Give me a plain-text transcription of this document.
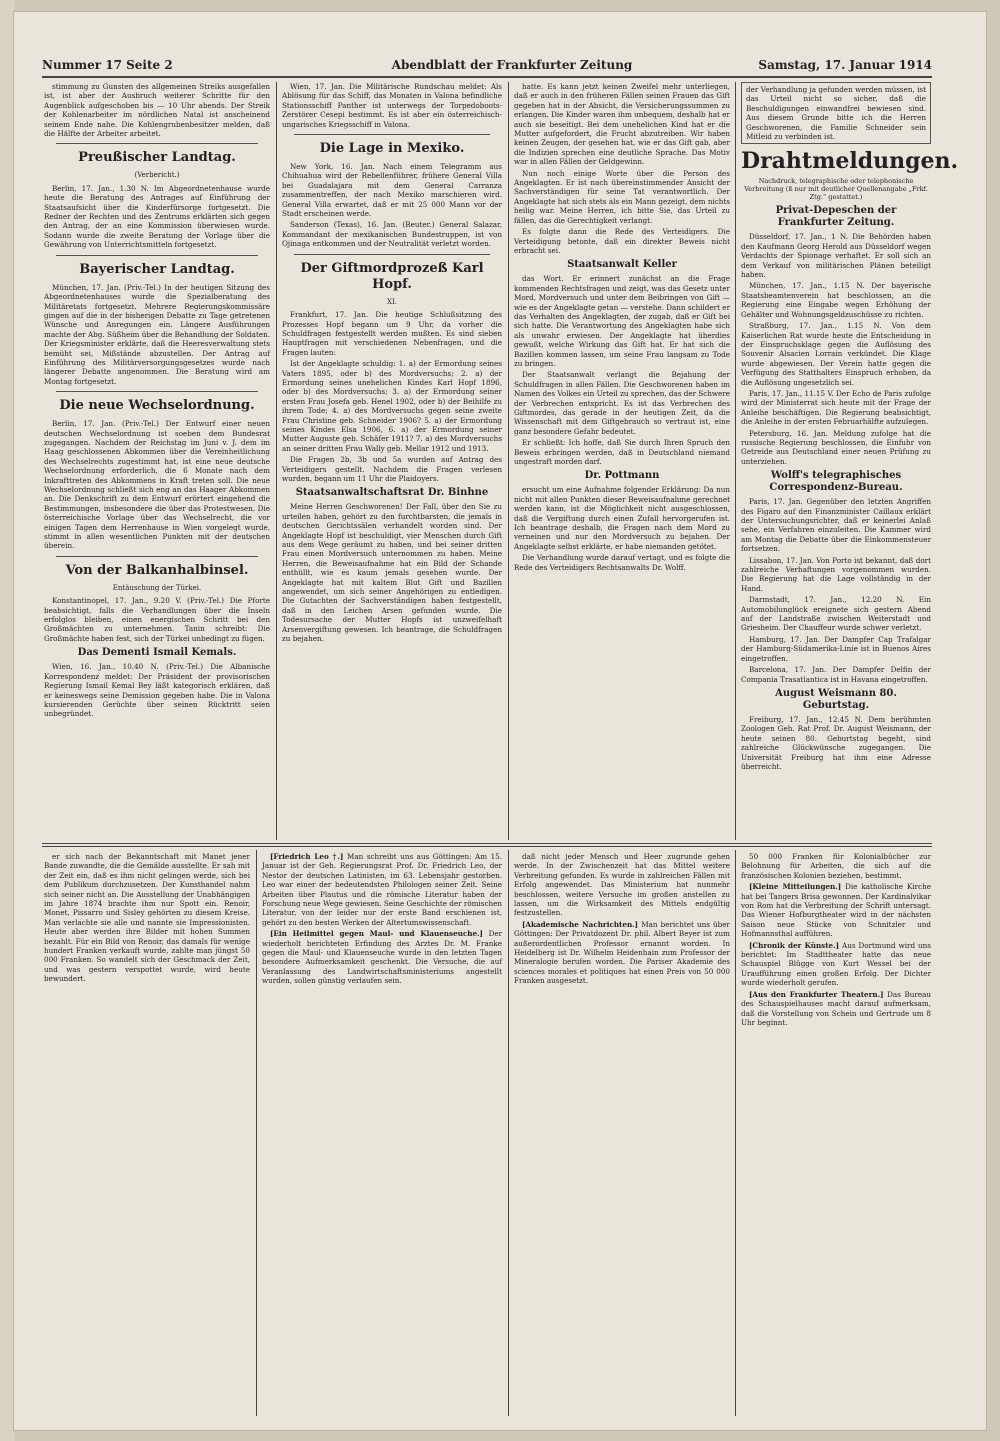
Nummer 17 Seite 2	Abendblatt der Frankfurter Zeitung	Samstag, 17. Januar 1914

stimmung zu Gunsten des allgemeinen Streiks ausgefallen ist, ist aber der Ausbruch weiterer Schritte für den Augenblick aufgeschoben bis — 10 Uhr abends. Der Streik der Kohlenarbeiter im nördlichen Natal ist anscheinend seinem Ende nahe. Die Kohlengrubenbesitzer melden, daß die Hälfte der Arbeiter arbeitet.

Preußischer Landtag.
(Verbericht.)

Berlin, 17. Jan., 1.30 N. Im Abgeordnetenhause wurde heute die Beratung des Antrages auf Einführung der Staatsaufsicht über die Kinderfürsorge fortgesetzt. Die Redner der Rechten und des Zentrums erklärten sich gegen den Antrag, der an eine Kommission überwiesen wurde. Sodann wurde die zweite Beratung der Vorlage über die Gewährung von Unterrichtsmitteln fortgesetzt.

Bayerischer Landtag.

München, 17. Jan. (Priv.-Tel.) In der heutigen Sitzung des Abgeordnetenhauses wurde die Spezialberatung des Militäretats fortgesetzt. Mehrere Regierungskommissäre gingen auf die in der bisherigen Debatte zu Tage getretenen Wünsche und Anregungen ein. Längere Ausführungen machte der Abg. Süßheim über die Behandlung der Soldaten. Der Kriegsminister erklärte, daß die Heeresverwaltung stets bemüht sei, Mißstände abzustellen. Der Antrag auf Einführung des Militärversorgungsgesetzes wurde nach längerer Debatte angenommen. Die Beratung wird am Montag fortgesetzt.

Die neue Wechselordnung.

Berlin, 17. Jan. (Priv.-Tel.) Der Entwurf einer neuen deutschen Wechselordnung ist soeben dem Bundesrat zugegangen. Nachdem der Reichstag im Juni v. J. dem im Haag geschlossenen Abkommen über die Vereinheitlichung des Wechselrechts zugestimmt hat, ist eine neue deutsche Wechselordnung erforderlich, die 6 Monate nach dem Inkrafttreten des Abkommens in Kraft treten soll. Die neue Wechselordnung schließt sich eng an das Haager Abkommen an. Die Denkschrift zu dem Entwurf erörtert eingehend die Bestimmungen, insbesondere die über das Protestwesen. Die österreichische Vorlage über das Wechselrecht, die vor einigen Tagen dem Herrenhause in Wien vorgelegt wurde, stimmt in allen wesentlichen Punkten mit der deutschen überein.

Von der Balkanhalbinsel.
Entäuschung der Türkei.

Konstantinopel, 17. Jan., 9.20 V. (Priv.-Tel.) Die Pforte beabsichtigt, falls die Verhandlungen über die Inseln erfolglos bleiben, einen energischen Schritt bei den Großmächten zu unternehmen. Tanin schreibt: Die Großmächte haben fest, sich der Türkei unbedingt zu fügen.

Das Dementi Ismail Kemals.

Wien, 16. Jan., 10.40 N. (Priv.-Tel.) Die Albanische Korrespondenz meldet: Der Präsident der provisorischen Regierung Ismail Kemal Bey läßt kategorisch erklären, daß er keineswegs seine Demission gegeben habe. Die in Valona kursierenden Gerüchte über seinen Rücktritt seien unbegründet.

Wien, 17. Jan. Die Militärische Rundschau meldet: Als Ablösung für das Schiff, das Monaten in Valona befindliche Stationsschiff Panther ist unterwegs der Torpedoboots-Zerstörer Cesepi bestimmt. Es ist aber ein österreichisch-ungarisches Kriegsschiff in Valona.

Die Lage in Mexiko.

New York, 16. Jan. Nach einem Telegramm aus Chihuahua wird der Rebellenführer, frühere General Villa bei Guadalajara mit dem General Carranza zusammentreffen, der nach Mexiko marschieren wird. General Villa erwartet, daß er mit 25 000 Mann vor der Stadt erscheinen werde.

Sanderson (Texas), 16. Jan. (Reuter.) General Salazar, Kommandant der mexikanischen Bundestruppen, ist von Ojinaga entkommen und der Neutralität verletzt worden.

Der Giftmordprozeß Karl Hopf.
XI.

Frankfurt, 17. Jan. Die heutige Schlußsitzung des Prozesses Hopf begann um 9 Uhr, da vorher die Schuldfragen festgestellt werden mußten. Es sind sieben Hauptfragen mit verschiedenen Nebenfragen, und die Fragen lauten:

Ist der Angeklagte schuldig: 1. a) der Ermordung seines Vaters 1895, oder b) des Mordversuchs; 2. a) der Ermordung seines unehelichen Kindes Karl Hopf 1896, oder b) des Mordversuchs; 3. a) der Ermordung seiner ersten Frau Josefa geb. Henel 1902, oder b) der Beihilfe zu ihrem Tode; 4. a) des Mordversuchs gegen seine zweite Frau Christine geb. Schneider 1906? 5. a) der Ermordung seines Kindes Elsa 1906, 6. a) der Ermordung seiner Mutter Auguste geb. Schäfer 1911? 7. a) des Mordversuchs an seiner dritten Frau Wally geb. Mellar 1912 und 1913.

Die Fragen 2b, 3b und 5a wurden auf Antrag des Verteidigers gestellt. Nachdem die Fragen verlesen wurden, begann um 11 Uhr die Plaidoyers.

Staatsanwaltschaftsrat Dr. Binhne

Meine Herren Geschworenen! Der Fall, über den Sie zu urteilen haben, gehört zu den furchtbarsten, die jemals in deutschen Gerichtssälen verhandelt worden sind. Der Angeklagte Hopf ist beschuldigt, vier Menschen durch Gift aus dem Wege geräumt zu haben, und bei seiner dritten Frau einen Mordversuch unternommen zu haben. Meine Herren, die Beweisaufnahme hat ein Bild der Schande enthüllt, wie es kaum jemals gesehen wurde. Der Angeklagte hat mit kaltem Blut Gift und Bazillen angewendet, um sich seiner Angehörigen zu entledigen. Die Gutachten der Sachverständigen haben festgestellt, daß in den Leichen Arsen gefunden wurde. Die Todesursache der Mutter Hopfs ist unzweifelhaft Arsenvergiftung gewesen. Ich beantrage, die Schuldfragen zu bejahen.

hatte. Es kann jetzt keinen Zweifel mehr unterliegen, daß er auch in den früheren Fällen seinen Frauen das Gift gegeben hat in der Absicht, die Versicherungssummen zu erlangen. Die Kinder waren ihm unbequem, deshalb hat er auch sie beseitigt. Bei dem unehelichen Kind hat er die Mutter aufgefordert, die Frucht abzutreiben. Wir haben keinen Zeugen, der gesehen hat, wie er das Gift gab, aber die Indizien sprechen eine deutliche Sprache. Das Motiv war in allen Fällen der Geldgewinn.

Nun noch einige Worte über die Person des Angeklagten. Er ist nach übereinstimmender Ansicht der Sachverständigen für seine Tat verantwortlich. Der Angeklagte hat sich stets als ein Mann gezeigt, dem nichts heilig war. Meine Herren, ich bitte Sie, das Urteil zu fällen, das die Gerechtigkeit verlangt.

Es folgte dann die Rede des Verteidigers. Die Verteidigung betonte, daß ein direkter Beweis nicht erbracht sei.

Staatsanwalt Keller

das Wort. Er erinnert zunächst an die Frage kommenden Rechtsfragen und zeigt, was das Gesetz unter Mord, Mordversuch und unter dem Beibringen von Gift — wie es der Angeklagte getan — verstehe. Dann schildert er das Verhalten des Angeklagten, der zugab, daß er Gift bei sich hatte. Die Verantwortung des Angeklagten habe sich als unwahr erwiesen. Der Angeklagte hat überdies gewußt, welche Wirkung das Gift hat. Er hat sich die Bazillen kommen lassen, um seine Frau langsam zu Tode zu bringen.

Der Staatsanwalt verlangt die Bejahung der Schuldfragen in allen Fällen. Die Geschworenen haben im Namen des Volkes ein Urteil zu sprechen, das der Schwere der Verbrechen entspricht. Es ist das Verbrechen des Giftmordes, das gerade in der heutigen Zeit, da die Wissenschaft mit dem Giftgebrauch so vertraut ist, eine ganz besondere Gefahr bedeutet.

Er schließt: Ich hoffe, daß Sie durch Ihren Spruch den Beweis erbringen werden, daß in Deutschland niemand ungestraft morden darf.

Dr. Pottmann

ersucht um eine Aufnahme folgender Erklärung: Da nun nicht mit allen Punkten dieser Beweisaufnahme gerechnet werden kann, ist die Möglichkeit nicht ausgeschlossen, daß die Vergiftung durch einen Zufall hervorgerufen ist. Ich beantrage deshalb, die Fragen nach dem Mord zu verneinen und nur den Mordversuch zu bejahen. Der Angeklagte selbst erklärte, er habe niemanden getötet.

Die Verhandlung wurde darauf vertagt, und es folgte die Rede des Verteidigers Rechtsanwalts Dr. Wolff.

der Verhandlung ja gefunden werden müssen, ist das Urteil nicht so sicher, daß die Beschuldigungen einwandfrei bewiesen sind. Aus diesem Grunde bitte ich die Herren Geschworenen, die Familie Schneider sein Mitleid zu verbinden ist.
Drahtmeldungen.
Nachdruck, telegraphische oder telephonische Verbreitung (ß nur mit deutlicher Quellenangabe „Frkf. Ztg.“ gestattet.)
Privat-Depeschen der Frankfurter Zeitung.

Düsseldorf, 17. Jan., 1 N. Die Behörden haben den Kaufmann Georg Herold aus Düsseldorf wegen Verdachts der Spionage verhaftet. Er soll sich an dem Verkauf von militärischen Plänen beteiligt haben.

München, 17. Jan., 1.15 N. Der bayerische Staatsbeamtenverein hat beschlossen, an die Regierung eine Eingabe wegen Erhöhung der Gehälter und Wohnungsgeldzuschüsse zu richten.

Straßburg, 17. Jan., 1.15 N. Von dem Kaiserlichen Rat wurde heute die Entscheidung in der Einspruchsklage gegen die Auflösung des Souvenir Alsacien Lorrain verkündet. Die Klage wurde abgewiesen. Der Verein hatte gegen die Verfügung des Statthalters Einspruch erhoben, da die Auflösung ungesetzlich sei.

Paris, 17. Jan., 11.15 V. Der Echo de Paris zufolge wird der Ministerrat sich heute mit der Frage der Anleihe beschäftigen. Die Regierung beabsichtigt, die Anleihe in der ersten Februarhälfte aufzulegen.

Petersburg, 16. Jan. Meldung zufolge hat die russische Regierung beschlossen, die Einfuhr von Getreide aus Deutschland einer neuen Prüfung zu unterziehen.

Wolff's telegraphisches Correspondenz-Bureau.

Paris, 17. Jan. Gegenüber den letzten Angriffen des Figaro auf den Finanzminister Caillaux erklärt der Untersuchungsrichter, daß er keinerlei Anlaß sehe, ein Verfahren einzuleiten. Die Kammer wird am Montag die Debatte über die Einkommensteuer fortsetzen.

Lissabon, 17. Jan. Von Porto ist bekannt, daß dort zahlreiche Verhaftungen vorgenommen wurden. Die Regierung hat die Lage vollständig in der Hand.

Darmstadt, 17. Jan., 12.20 N. Ein Automobilunglück ereignete sich gestern Abend auf der Landstraße zwischen Weiterstadt und Griesheim. Der Chauffeur wurde schwer verletzt.

Hamburg, 17. Jan. Der Dampfer Cap Trafalgar der Hamburg-Südamerika-Linie ist in Buenos Aires eingetroffen.

Barcelona, 17. Jan. Der Dampfer Delfin der Compania Trasatlantica ist in Havana eingetroffen.

August Weismann 80. Geburtstag.

Freiburg, 17. Jan., 12.45 N. Dem berühmten Zoologen Geh. Rat Prof. Dr. August Weismann, der heute seinen 80. Geburtstag begeht, sind zahlreiche Glückwünsche zugegangen. Die Universität Freiburg hat ihm eine Adresse überreicht.

er sich nach der Bekanntschaft mit Manet jener Bande zuwandte, die die Gemälde ausstellte. Er sah mit der Zeit ein, daß es ihm nicht gelingen werde, sich bei dem Publikum durchzusetzen. Der Kunsthandel nahm sich seiner nicht an. Die Ausstellung der Unabhängigen im Jahre 1874 brachte ihm nur Spott ein. Renoir, Monet, Pissarro und Sisley gehörten zu diesem Kreise. Man verlachte sie alle und nannte sie Impressionisten. Heute aber werden ihre Bilder mit hohen Summen bezahlt. Für ein Bild von Renoir, das damals für wenige hundert Franken verkauft wurde, zahlte man jüngst 50 000 Franken. So wandelt sich der Geschmack der Zeit, und was gestern verspottet wurde, wird heute bewundert.

[Friedrich Leo †.] Man schreibt uns aus Göttingen: Am 15. Januar ist der Geh. Regierungsrat Prof. Dr. Friedrich Leo, der Nestor der deutschen Latinisten, im 63. Lebensjahr gestorben. Leo war einer der bedeutendsten Philologen seiner Zeit. Seine Arbeiten über Plautus und die römische Literatur haben der Forschung neue Wege gewiesen. Seine Geschichte der römischen Literatur, von der leider nur der erste Band erschienen ist, gehört zu den besten Werken der Altertumswissenschaft.

[Ein Heilmittel gegen Maul- und Klauenseuche.] Der wiederholt berichteten Erfindung des Arztes Dr. M. Franke gegen die Maul- und Klauenseuche wurde in den letzten Tagen besondere Aufmerksamkeit geschenkt. Die Versuche, die auf Veranlassung des Landwirtschaftsministeriums angestellt wurden, sollen günstig verlaufen sein.

daß nicht jeder Mensch und Heer zugrunde gehen werde. In der Zwischenzeit hat das Mittel weitere Verbreitung gefunden. Es wurde in zahlreichen Fällen mit Erfolg angewendet. Das Ministerium hat nunmehr beschlossen, weitere Versuche im großen anstellen zu lassen, um die Wirksamkeit des Mittels endgültig festzustellen.

[Akademische Nachrichten.] Man berichtet uns über Göttingen: Der Privatdozent Dr. phil. Albert Beyer ist zum außerordentlichen Professor ernannt worden. In Heidelberg ist Dr. Wilhelm Heidenhain zum Professor der Mineralogie berufen worden. Die Pariser Akademie des sciences morales et politiques hat einen Preis von 50 000 Franken ausgesetzt.

50 000 Franken für Kolonialbücher zur Belohnung für Arbeiten, die sich auf die französischen Kolonien beziehen, bestimmt.

[Kleine Mitteilungen.] Die katholische Kirche hat bei Tangers Brisa gewonnen. Der Kardinalvikar von Rom hat die Verbreitung der Schrift untersagt. Das Wiener Hofburgtheater wird in der nächsten Saison neue Stücke von Schnitzler und Hofmannsthal aufführen.

[Chronik der Künste.] Aus Dortmund wird uns berichtet: Im Stadttheater hatte das neue Schauspiel Blügge von Kurt Wessel bei der Uraufführung einen großen Erfolg. Der Dichter wurde wiederholt gerufen.

[Aus den Frankfurter Theatern.] Das Bureau des Schauspielhauses macht darauf aufmerksam, daß die Vorstellung von Schein und Gertrude um 8 Uhr beginnt.
